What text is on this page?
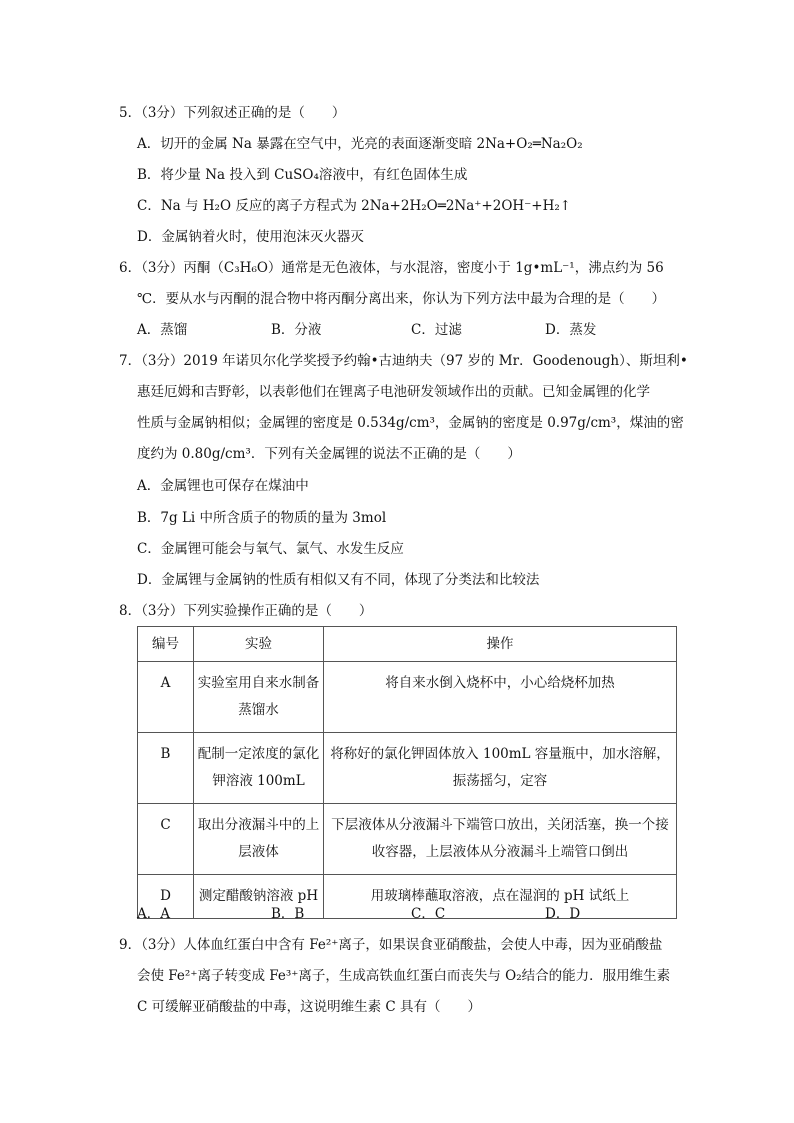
5．（3分）下列叙述正确的是（　　）
A．切开的金属 Na 暴露在空气中，光亮的表面逐渐变暗 2Na+O₂═Na₂O₂
B．将少量 Na 投入到 CuSO₄溶液中，有红色固体生成
C．Na 与 H₂O 反应的离子方程式为 2Na+2H₂O═2Na⁺+2OH⁻+H₂↑
D．金属钠着火时，使用泡沫灭火器灭
6．（3分）丙酮（C₃H₆O）通常是无色液体，与水混溶，密度小于 1g•mL⁻¹，沸点约为 56
℃．要从水与丙酮的混合物中将丙酮分离出来，你认为下列方法中最为合理的是（　　）
A．蒸馏	B．分液	C．过滤	D．蒸发
7．（3分）2019 年诺贝尔化学奖授予约翰•古迪纳夫（97 岁的 Mr．Goodenough）、斯坦利•
惠廷厄姆和吉野彰，以表彰他们在锂离子电池研发领域作出的贡献。已知金属锂的化学
性质与金属钠相似；金属锂的密度是 0.534g/cm³，金属钠的密度是 0.97g/cm³，煤油的密
度约为 0.80g/cm³．下列有关金属锂的说法不正确的是（　　）
A．金属锂也可保存在煤油中
B．7g Li 中所含质子的物质的量为 3mol
C．金属锂可能会与氧气、氯气、水发生反应
D．金属锂与金属钠的性质有相似又有不同，体现了分类法和比较法
8．（3分）下列实验操作正确的是（　　）
编号	实验	操作
A	实验室用自来水制备蒸馏水	将自来水倒入烧杯中，小心给烧杯加热
B	配制一定浓度的氯化钾溶液 100mL	将称好的氯化钾固体放入 100mL 容量瓶中，加水溶解，振荡摇匀，定容
C	取出分液漏斗中的上层液体	下层液体从分液漏斗下端管口放出，关闭活塞，换一个接收容器，上层液体从分液漏斗上端管口倒出
D	测定醋酸钠溶液 pH	用玻璃棒蘸取溶液，点在湿润的 pH 试纸上
A．A	B．B	C．C	D．D
9．（3分）人体血红蛋白中含有 Fe²⁺离子，如果误食亚硝酸盐，会使人中毒，因为亚硝酸盐
会使 Fe²⁺离子转变成 Fe³⁺离子，生成高铁血红蛋白而丧失与 O₂结合的能力．服用维生素
C 可缓解亚硝酸盐的中毒，这说明维生素 C 具有（　　）
